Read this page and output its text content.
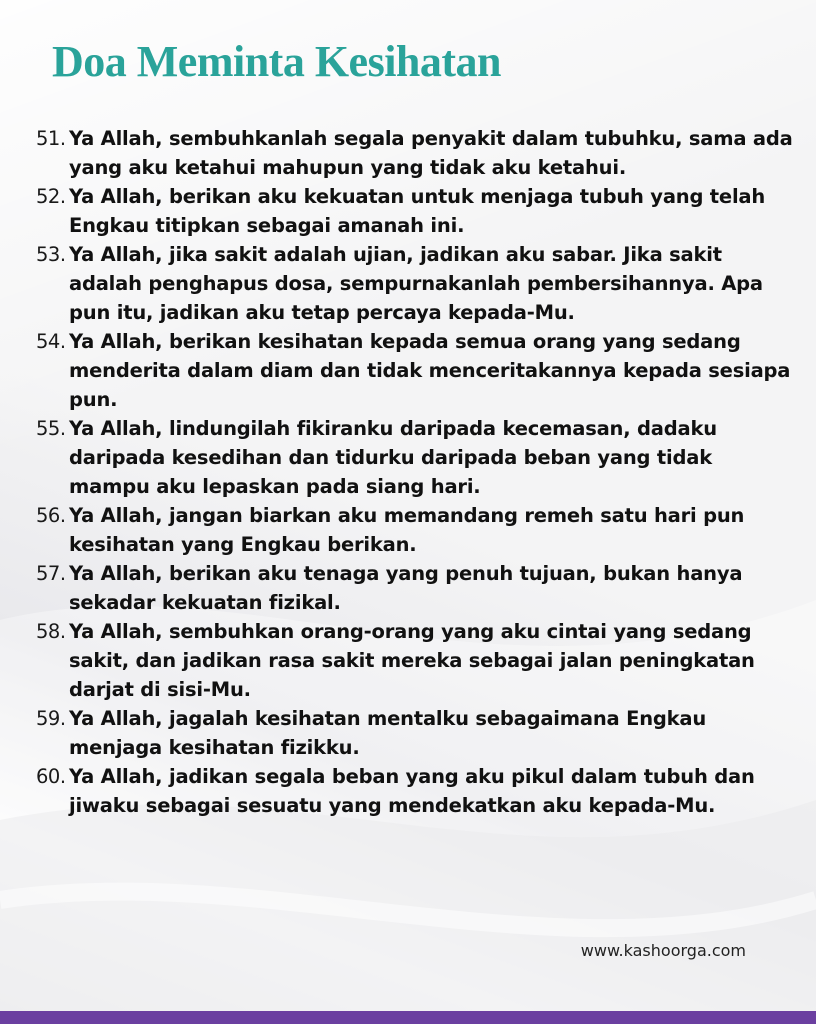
Doa Meminta Kesihatan
51. Ya Allah, sembuhkanlah segala penyakit dalam tubuhku, sama ada yang aku ketahui mahupun yang tidak aku ketahui.
52. Ya Allah, berikan aku kekuatan untuk menjaga tubuh yang telah Engkau titipkan sebagai amanah ini.
53. Ya Allah, jika sakit adalah ujian, jadikan aku sabar. Jika sakit adalah penghapus dosa, sempurnakanlah pembersihannya. Apa pun itu, jadikan aku tetap percaya kepada-Mu.
54. Ya Allah, berikan kesihatan kepada semua orang yang sedang menderita dalam diam dan tidak menceritakannya kepada sesiapa pun.
55. Ya Allah, lindungilah fikiranku daripada kecemasan, dadaku daripada kesedihan dan tidurku daripada beban yang tidak mampu aku lepaskan pada siang hari.
56. Ya Allah, jangan biarkan aku memandang remeh satu hari pun kesihatan yang Engkau berikan.
57. Ya Allah, berikan aku tenaga yang penuh tujuan, bukan hanya sekadar kekuatan fizikal.
58. Ya Allah, sembuhkan orang-orang yang aku cintai yang sedang sakit, dan jadikan rasa sakit mereka sebagai jalan peningkatan darjat di sisi-Mu.
59. Ya Allah, jagalah kesihatan mentalku sebagaimana Engkau menjaga kesihatan fizikku.
60. Ya Allah, jadikan segala beban yang aku pikul dalam tubuh dan jiwaku sebagai sesuatu yang mendekatkan aku kepada-Mu.
www.kashoorga.com
